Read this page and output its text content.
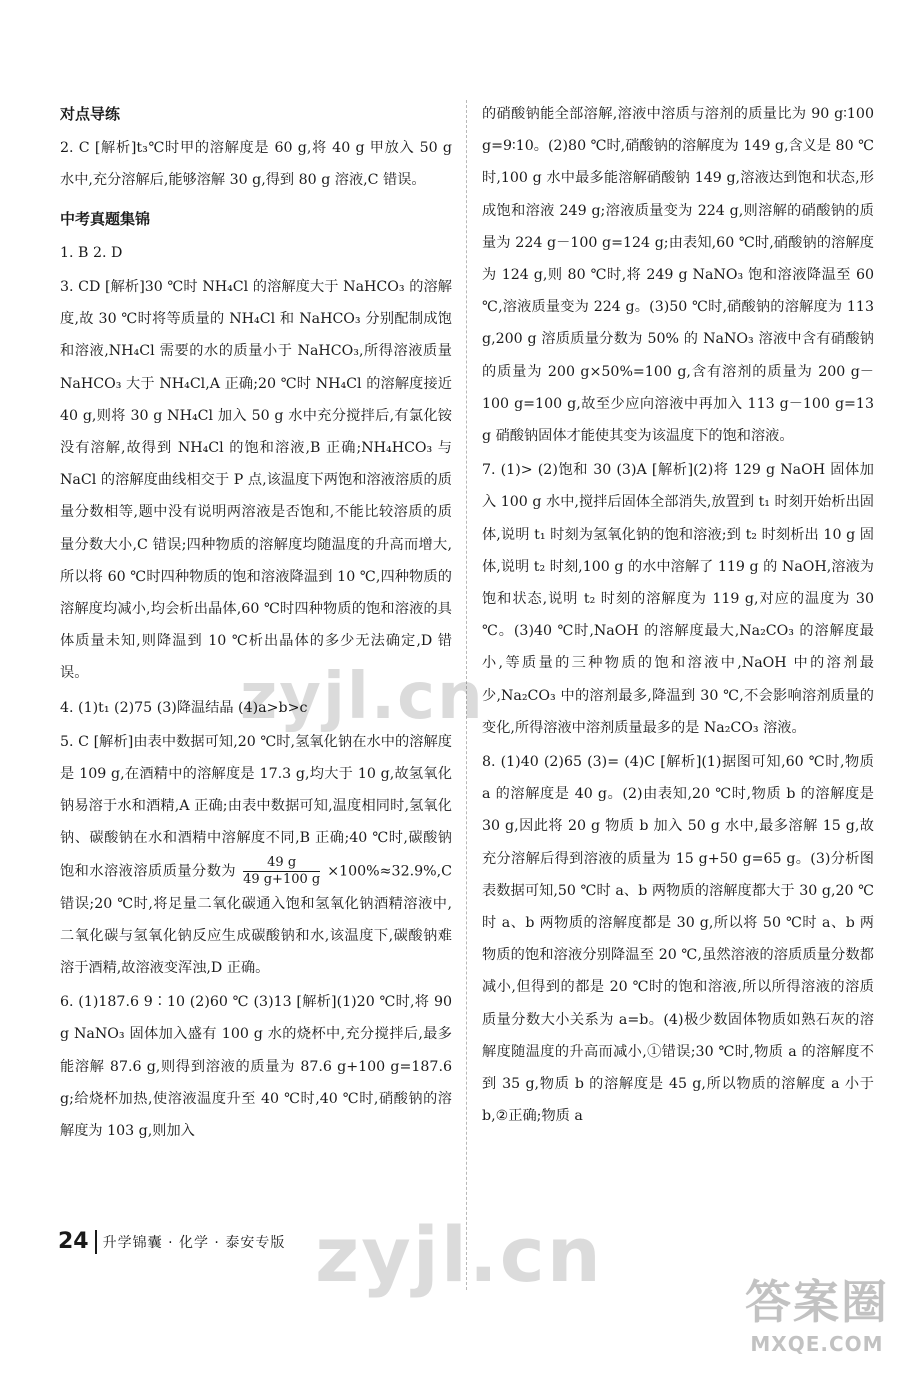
对点导练

2. C [解析]t₃℃时甲的溶解度是 60 g,将 40 g 甲放入 50 g 水中,充分溶解后,能够溶解 30 g,得到 80 g 溶液,C 错误。

中考真题集锦

1. B 2. D

3. CD [解析]30 ℃时 NH₄Cl 的溶解度大于 NaHCO₃ 的溶解度,故 30 ℃时将等质量的 NH₄Cl 和 NaHCO₃ 分别配制成饱和溶液,NH₄Cl 需要的水的质量小于 NaHCO₃,所得溶液质量 NaHCO₃ 大于 NH₄Cl,A 正确;20 ℃时 NH₄Cl 的溶解度接近 40 g,则将 30 g NH₄Cl 加入 50 g 水中充分搅拌后,有氯化铵没有溶解,故得到 NH₄Cl 的饱和溶液,B 正确;NH₄HCO₃ 与 NaCl 的溶解度曲线相交于 P 点,该温度下两饱和溶液溶质的质量分数相等,题中没有说明两溶液是否饱和,不能比较溶质的质量分数大小,C 错误;四种物质的溶解度均随温度的升高而增大,所以将 60 ℃时四种物质的饱和溶液降温到 10 ℃,四种物质的溶解度均减小,均会析出晶体,60 ℃时四种物质的饱和溶液的具体质量未知,则降温到 10 ℃析出晶体的多少无法确定,D 错误。

4. (1)t₁ (2)75 (3)降温结晶 (4)a>b>c

5. C [解析]由表中数据可知,20 ℃时,氢氧化钠在水中的溶解度是 109 g,在酒精中的溶解度是 17.3 g,均大于 10 g,故氢氧化钠易溶于水和酒精,A 正确;由表中数据可知,温度相同时,氢氧化钠、碳酸钠在水和酒精中溶解度不同,B 正确;40 ℃时,碳酸钠饱和水溶液溶质质量分数为 $\frac{49 g}{49 g+100 g} \times 100\%\approx 32.9\%,C$ 错误;20 ℃时,将足量二氧化碳通入饱和氢氧化钠酒精溶液中,二氧化碳与氢氧化钠反应生成碳酸钠和水,该温度下,碳酸钠难溶于酒精,故溶液变浑浊,D 正确。

6. (1)187.6 9∶10 (2)60 ℃ (3)13 [解析](1)20 ℃时,将 90 g NaNO₃ 固体加入盛有 100 g 水的烧杯中,充分搅拌后,最多能溶解 87.6 g,则得到溶液的质量为 87.6 g+100 g=187.6 g;给烧杯加热,使溶液温度升至 40 ℃时,40 ℃时,硝酸钠的溶解度为 103 g,则加入

的硝酸钠能全部溶解,溶液中溶质与溶剂的质量比为 90 g∶100 g=9∶10。(2)80 ℃时,硝酸钠的溶解度为 149 g,含义是 80 ℃时,100 g 水中最多能溶解硝酸钠 149 g,溶液达到饱和状态,形成饱和溶液 249 g;溶液质量变为 224 g,则溶解的硝酸钠的质量为 224 g－100 g=124 g;由表知,60 ℃时,硝酸钠的溶解度为 124 g,则 80 ℃时,将 249 g NaNO₃ 饱和溶液降温至 60 ℃,溶液质量变为 224 g。(3)50 ℃时,硝酸钠的溶解度为 113 g,200 g 溶质质量分数为 50% 的 NaNO₃ 溶液中含有硝酸钠的质量为 200 g×50%=100 g,含有溶剂的质量为 200 g－100 g=100 g,故至少应向溶液中再加入 113 g－100 g=13 g 硝酸钠固体才能使其变为该温度下的饱和溶液。

7. (1)> (2)饱和 30 (3)A [解析](2)将 129 g NaOH 固体加入 100 g 水中,搅拌后固体全部消失,放置到 t₁ 时刻开始析出固体,说明 t₁ 时刻为氢氧化钠的饱和溶液;到 t₂ 时刻析出 10 g 固体,说明 t₂ 时刻,100 g 的水中溶解了 119 g 的 NaOH,溶液为饱和状态,说明 t₂ 时刻的溶解度为 119 g,对应的温度为 30 ℃。(3)40 ℃时,NaOH 的溶解度最大,Na₂CO₃ 的溶解度最小,等质量的三种物质的饱和溶液中,NaOH 中的溶剂最少,Na₂CO₃ 中的溶剂最多,降温到 30 ℃,不会影响溶剂质量的变化,所得溶液中溶剂质量最多的是 Na₂CO₃ 溶液。

8. (1)40 (2)65 (3)= (4)C [解析](1)据图可知,60 ℃时,物质 a 的溶解度是 40 g。(2)由表知,20 ℃时,物质 b 的溶解度是 30 g,因此将 20 g 物质 b 加入 50 g 水中,最多溶解 15 g,故充分溶解后得到溶液的质量为 15 g+50 g=65 g。(3)分析图表数据可知,50 ℃时 a、b 两物质的溶解度都大于 30 g,20 ℃时 a、b 两物质的溶解度都是 30 g,所以将 50 ℃时 a、b 两物质的饱和溶液分别降温至 20 ℃,虽然溶液的溶质质量分数都减小,但得到的都是 20 ℃时的饱和溶液,所以所得溶液的溶质质量分数大小关系为 a=b。(4)极少数固体物质如熟石灰的溶解度随温度的升高而减小,①错误;30 ℃时,物质 a 的溶解度不到 35 g,物质 b 的溶解度是 45 g,所以物质的溶解度 a 小于 b,②正确;物质 a

24	升学锦囊 · 化学 · 泰安专版
zyjl.cn
zyjl.cn
答案圈
MXQE.COM
